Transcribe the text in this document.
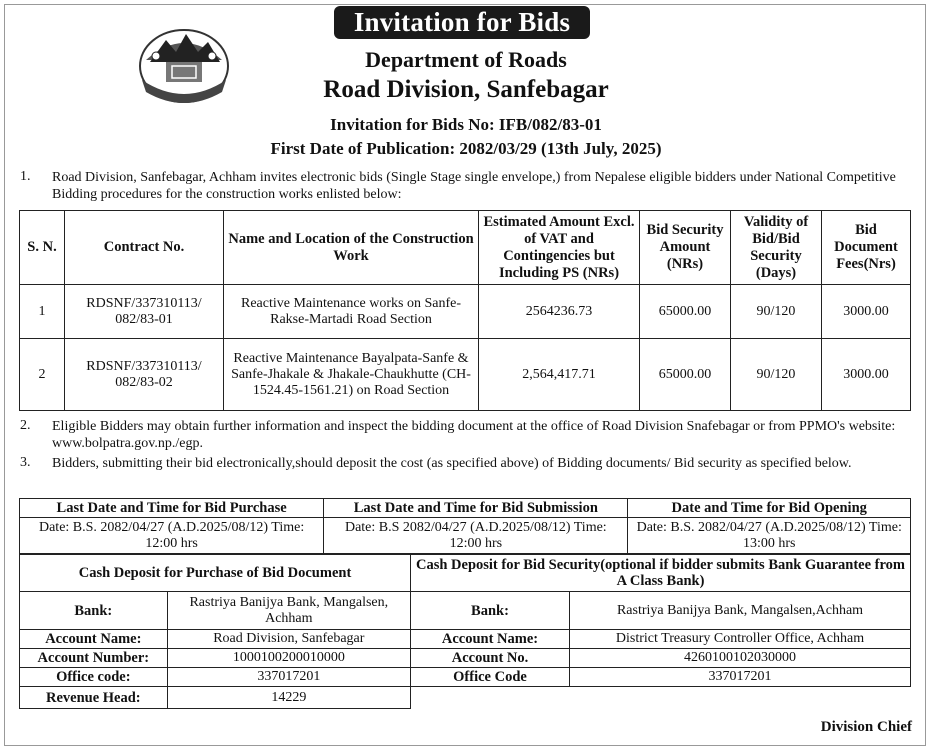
Invitation for Bids
Department of Roads
Road Division, Sanfebagar
Invitation for Bids No: IFB/082/83-01
First Date of Publication: 2082/03/29 (13th July, 2025)
1. Road Division, Sanfebagar, Achham invites electronic bids (Single Stage single envelope,) from Nepalese eligible bidders under National Competitive Bidding procedures for the construction works enlisted below:
S. N.	Contract No.	Name and Location of the Construction Work	Estimated Amount Excl. of VAT and Contingencies but Including PS (NRs)	Bid Security Amount (NRs)	Validity of Bid/Bid Security (Days)	Bid Document Fees(Nrs)
1	RDSNF/337310113/ 082/83-01	Reactive Maintenance works on Sanfe-Rakse-Martadi Road Section	2564236.73	65000.00	90/120	3000.00
2	RDSNF/337310113/ 082/83-02	Reactive Maintenance Bayalpata-Sanfe & Sanfe-Jhakale & Jhakale-Chaukhutte (CH-1524.45-1561.21) on Road Section	2,564,417.71	65000.00	90/120	3000.00
2. Eligible Bidders may obtain further information and inspect the bidding document at the office of Road Division Snafebagar or from PPMO's website: www.bolpatra.gov.np./egp.
3. Bidders, submitting their bid electronically,should deposit the cost (as specified above) of Bidding documents/ Bid security as specified below.
Last Date and Time for Bid Purchase	Last Date and Time for Bid Submission	Date and Time for Bid Opening
Date: B.S. 2082/04/27 (A.D.2025/08/12) Time: 12:00 hrs	Date: B.S 2082/04/27 (A.D.2025/08/12) Time: 12:00 hrs	Date: B.S. 2082/04/27 (A.D.2025/08/12) Time: 13:00 hrs
Cash Deposit for Purchase of Bid Document		Cash Deposit for Bid Security(optional if bidder submits Bank Guarantee from A Class Bank)	
Bank:	Rastriya Banijya Bank, Mangalsen, Achham	Bank:	Rastriya Banijya Bank, Mangalsen,Achham
Account Name:	Road Division, Sanfebagar	Account Name:	District Treasury Controller Office, Achham
Account Number:	1000100200010000	Account No.	4260100102030000
Office code:	337017201	Office Code	337017201
Revenue Head:	14229		
Division Chief
